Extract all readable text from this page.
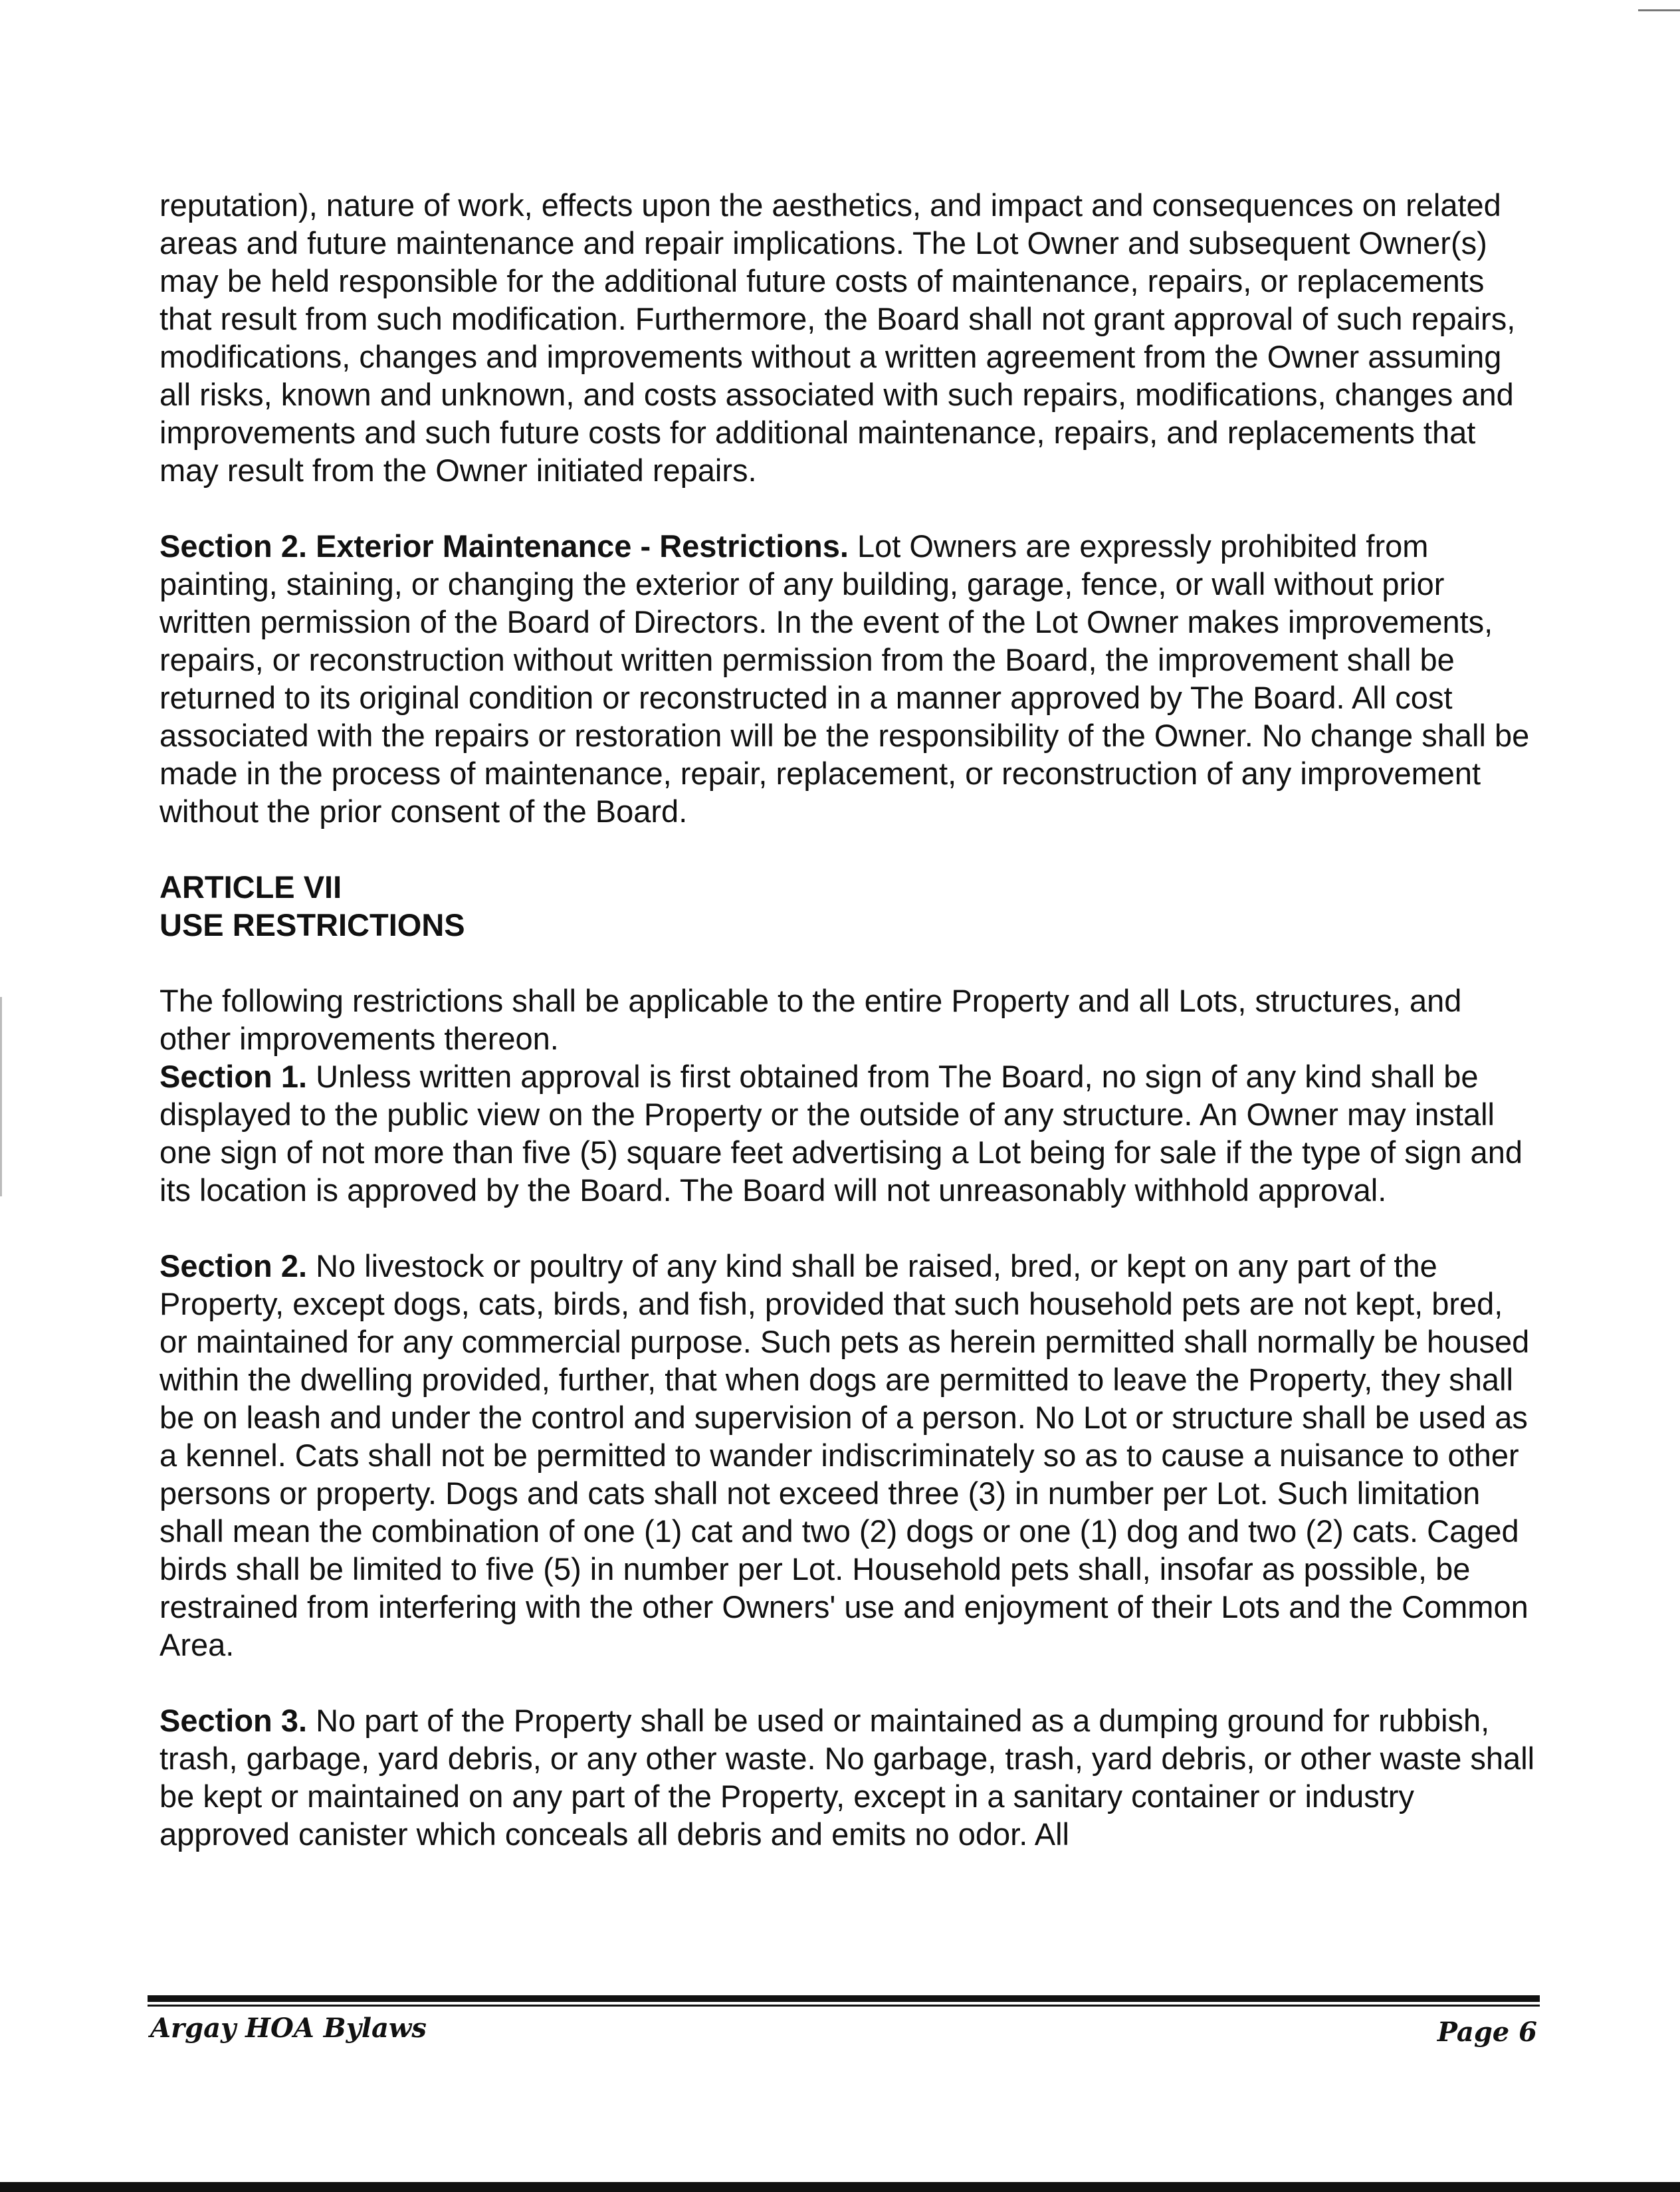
reputation), nature of work, effects upon the aesthetics, and impact and consequences on related areas and future maintenance and repair implications. The Lot Owner and subsequent Owner(s) may be held responsible for the additional future costs of maintenance, repairs, or replacements that result from such modification. Furthermore, the Board shall not grant approval of such repairs, modifications, changes and improvements without a written agreement from the Owner assuming all risks, known and unknown, and costs associated with such repairs, modifications, changes and improvements and such future costs for additional maintenance, repairs, and replacements that may result from the Owner initiated repairs.

Section 2. Exterior Maintenance - Restrictions. Lot Owners are expressly prohibited from painting, staining, or changing the exterior of any building, garage, fence, or wall without prior written permission of the Board of Directors. In the event of the Lot Owner makes improvements, repairs, or reconstruction without written permission from the Board, the improvement shall be returned to its original condition or reconstructed in a manner approved by The Board. All cost associated with the repairs or restoration will be the responsibility of the Owner. No change shall be made in the process of maintenance, repair, replacement, or reconstruction of any improvement without the prior consent of the Board.

ARTICLE VII

USE RESTRICTIONS

The following restrictions shall be applicable to the entire Property and all Lots, structures, and other improvements thereon.

Section 1. Unless written approval is first obtained from The Board, no sign of any kind shall be displayed to the public view on the Property or the outside of any structure. An Owner may install one sign of not more than five (5) square feet advertising a Lot being for sale if the type of sign and its location is approved by the Board. The Board will not unreasonably withhold approval.

Section 2. No livestock or poultry of any kind shall be raised, bred, or kept on any part of the Property, except dogs, cats, birds, and fish, provided that such household pets are not kept, bred, or maintained for any commercial purpose. Such pets as herein permitted shall normally be housed within the dwelling provided, further, that when dogs are permitted to leave the Property, they shall be on leash and under the control and supervision of a person. No Lot or structure shall be used as a kennel. Cats shall not be permitted to wander indiscriminately so as to cause a nuisance to other persons or property. Dogs and cats shall not exceed three (3) in number per Lot. Such limitation shall mean the combination of one (1) cat and two (2) dogs or one (1) dog and two (2) cats. Caged birds shall be limited to five (5) in number per Lot. Household pets shall, insofar as possible, be restrained from interfering with the other Owners' use and enjoyment of their Lots and the Common Area.

Section 3. No part of the Property shall be used or maintained as a dumping ground for rubbish, trash, garbage, yard debris, or any other waste. No garbage, trash, yard debris, or other waste shall be kept or maintained on any part of the Property, except in a sanitary container or industry approved canister which conceals all debris and emits no odor. All

Argay HOA Bylaws	Page 6
